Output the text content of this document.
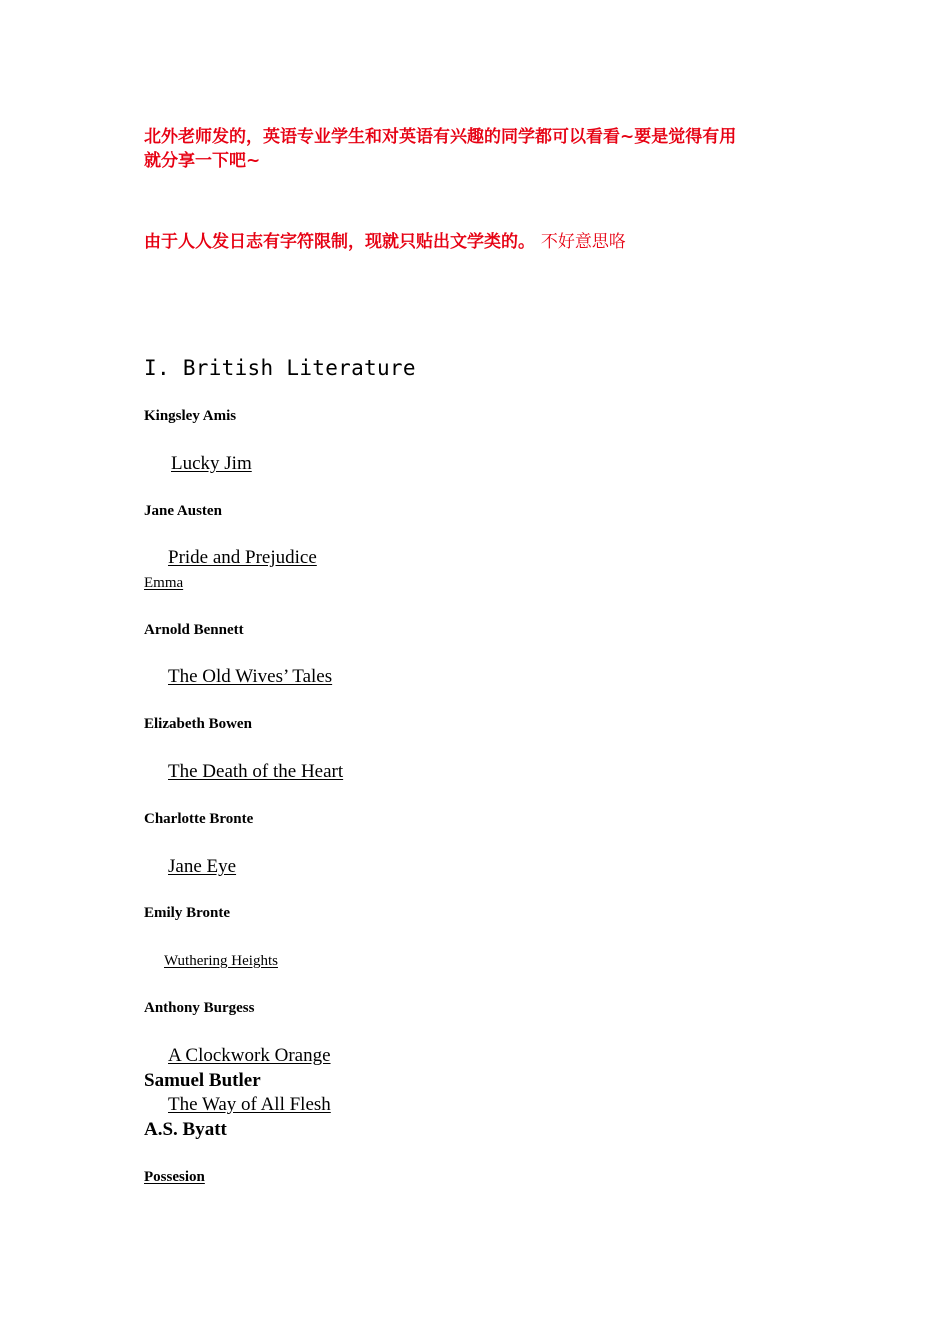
北外老师发的，英语专业学生和对英语有兴趣的同学都可以看看~要是觉得有用
就分享一下吧~
由于人人发日志有字符限制，现就只贴出文学类的。 不好意思咯
I. British Literature
Kingsley Amis
Lucky Jim
Jane Austen
Pride and Prejudice
Emma
Arnold Bennett
The Old Wives’ Tales
Elizabeth Bowen
The Death of the Heart
Charlotte Bronte
Jane Eye
Emily Bronte
Wuthering Heights
Anthony Burgess
A Clockwork Orange
Samuel Butler
The Way of All Flesh
A.S. Byatt
Possesion
